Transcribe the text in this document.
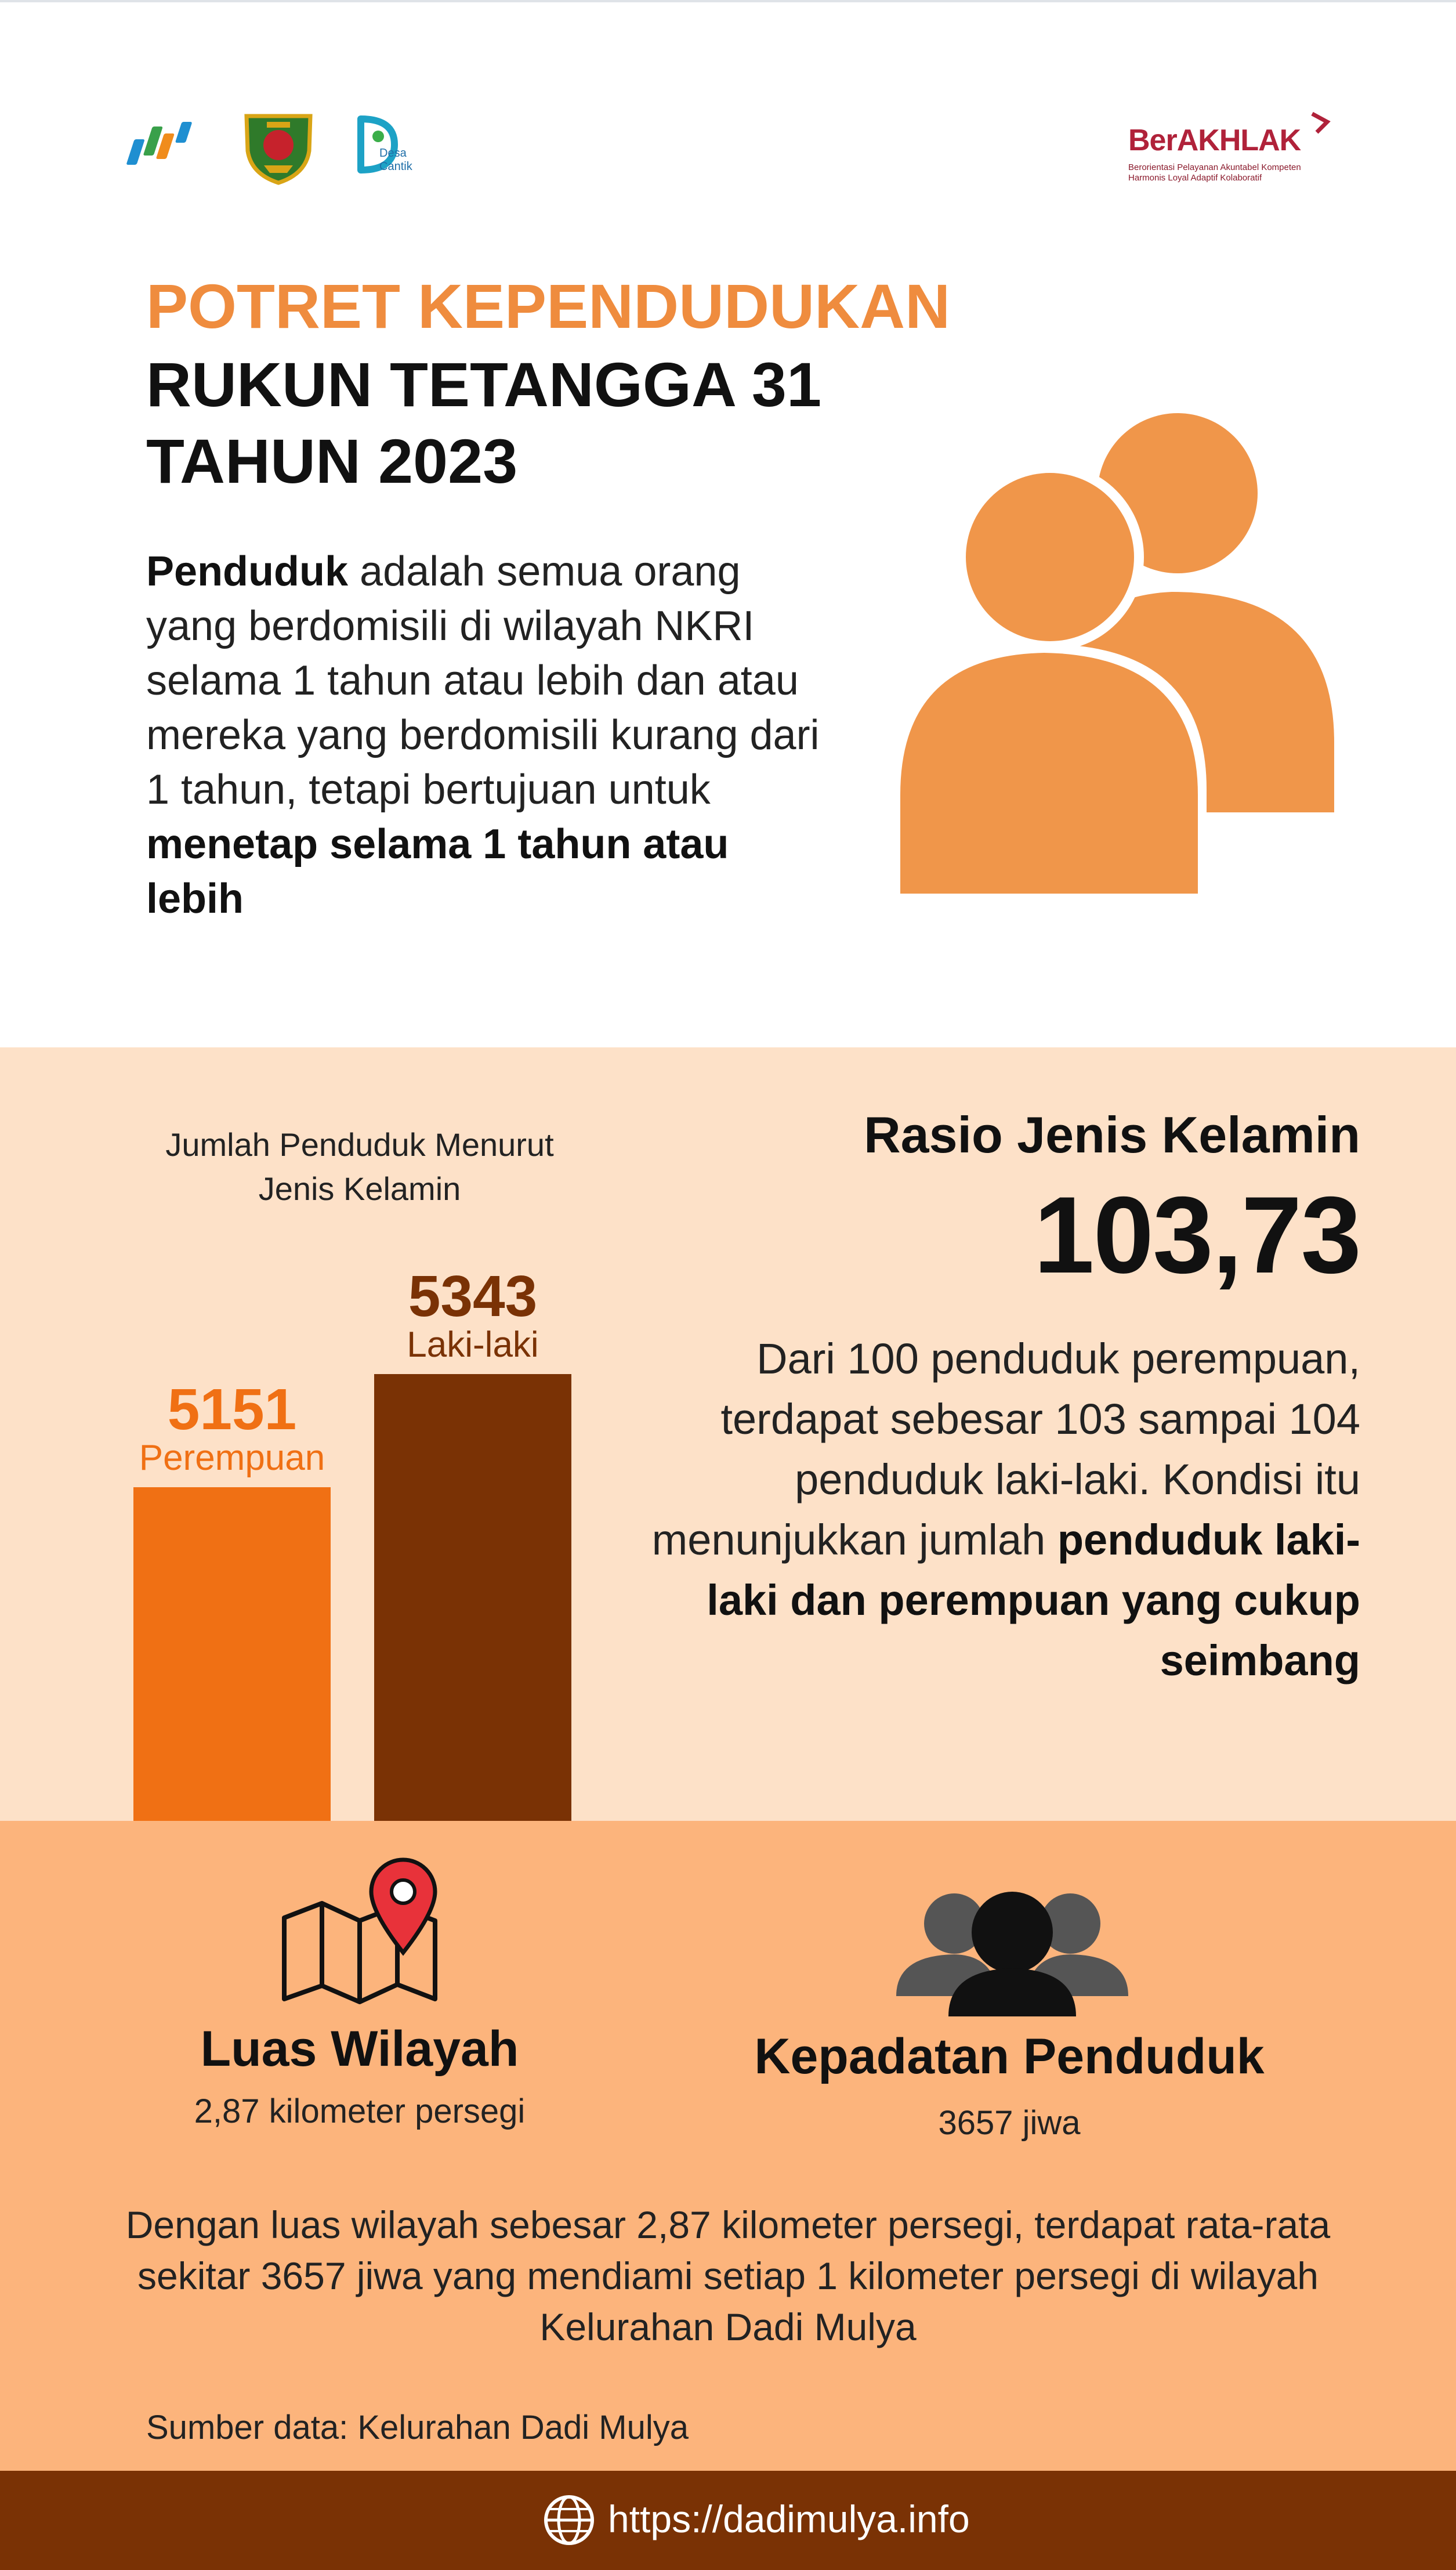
Desa
Cantik
BerAKHLAK
Berorientasi Pelayanan Akuntabel Kompeten Harmonis Loyal Adaptif Kolaboratif
POTRET KEPENDUDUKAN
RUKUN TETANGGA 31
TAHUN 2023
Penduduk adalah semua orang yang berdomisili di wilayah NKRI selama 1 tahun atau lebih dan atau mereka yang berdomisili kurang dari 1 tahun, tetapi bertujuan untuk menetap selama 1 tahun atau lebih
Jumlah Penduduk Menurut Jenis Kelamin
Perempuan
5151
Laki-laki
5343
Rasio Jenis Kelamin
103,73
Dari 100 penduduk perempuan, terdapat sebesar 103 sampai 104 penduduk laki-laki. Kondisi itu menunjukkan jumlah penduduk laki-laki dan perempuan yang cukup seimbang
Luas Wilayah
2,87 kilometer persegi
Kepadatan Penduduk
3657 jiwa
Dengan luas wilayah sebesar 2,87 kilometer persegi, terdapat rata-rata sekitar 3657 jiwa yang mendiami setiap 1 kilometer persegi di wilayah Kelurahan Dadi Mulya
Sumber data: Kelurahan Dadi Mulya
https://dadimulya.info
